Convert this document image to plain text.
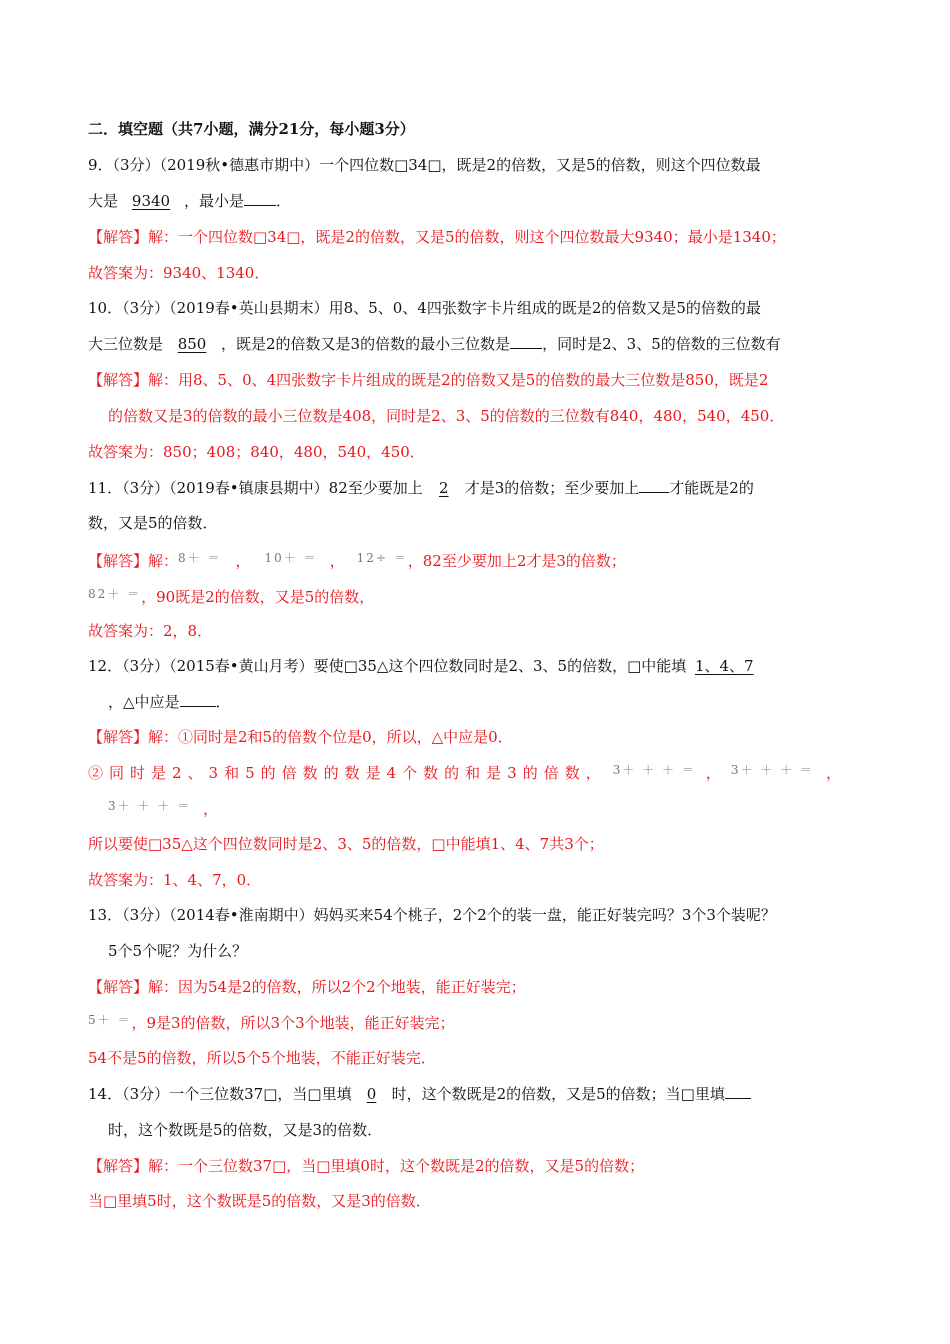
二．填空题（共7小题，满分21分，每小题3分）
9．（3分）（2019秋•德惠市期中）一个四位数□34□，既是2的倍数，又是5的倍数，则这个四位数最
大是 9340 ，最小是 ．
【解答】解：一个四位数□34□，既是2的倍数，又是5的倍数，则这个四位数最大9340；最小是1340；
故答案为：9340、1340．
10．（3分）（2019春•英山县期末）用8、5、0、4四张数字卡片组成的既是2的倍数又是5的倍数的最
大三位数是 850 ，既是2的倍数又是3的倍数的最小三位数是 ，同时是2、3、5的倍数的三位数有
【解答】解：用8、5、0、4四张数字卡片组成的既是2的倍数又是5的倍数的最大三位数是850，既是2
的倍数又是3的倍数的最小三位数是408，同时是2、3、5的倍数的三位数有840，480，540，450．
故答案为：850；408；840，480，540，450．
11．（3分）（2019春•镇康县期中）82至少要加上 2 才是3的倍数；至少要加上 才能既是2的
数，又是5的倍数．
【解答】解：$^{8+ =}$ ， $^{10+ =}$ ， $^{12\div =}$，82至少要加上2才是3的倍数；
$^{82+ =}$，90既是2的倍数，又是5的倍数，
故答案为：2，8．
12．（3分）（2015春•黄山月考）要使□35△这个四位数同时是2、3、5的倍数，□中能填 1、4、7
，△中应是 ．
【解答】解：①同时是2和5的倍数个位是0，所以，△中应是0．
②同时是2、3和5的倍数的数是4个数的和是3的倍数， $^{3+ + + =}$ ， $^{3+ + + =}$ ，
$^{3+ + + =}$ ，
所以要使□35△这个四位数同时是2、3、5的倍数，□中能填1、4、7共3个；
故答案为：1、4、7，0．
13．（3分）（2014春•淮南期中）妈妈买来54个桃子，2个2个的装一盘，能正好装完吗？3个3个装呢？
5个5个呢？为什么？
【解答】解：因为54是2的倍数，所以2个2个地装，能正好装完；
$^{5+ =}$，9是3的倍数，所以3个3个地装，能正好装完；
54不是5的倍数，所以5个5个地装，不能正好装完．
14．（3分）一个三位数37□，当□里填 0 时，这个数既是2的倍数，又是5的倍数；当□里填
时，这个数既是5的倍数，又是3的倍数．
【解答】解：一个三位数37□，当□里填0时，这个数既是2的倍数，又是5的倍数；
当□里填5时，这个数既是5的倍数，又是3的倍数．
